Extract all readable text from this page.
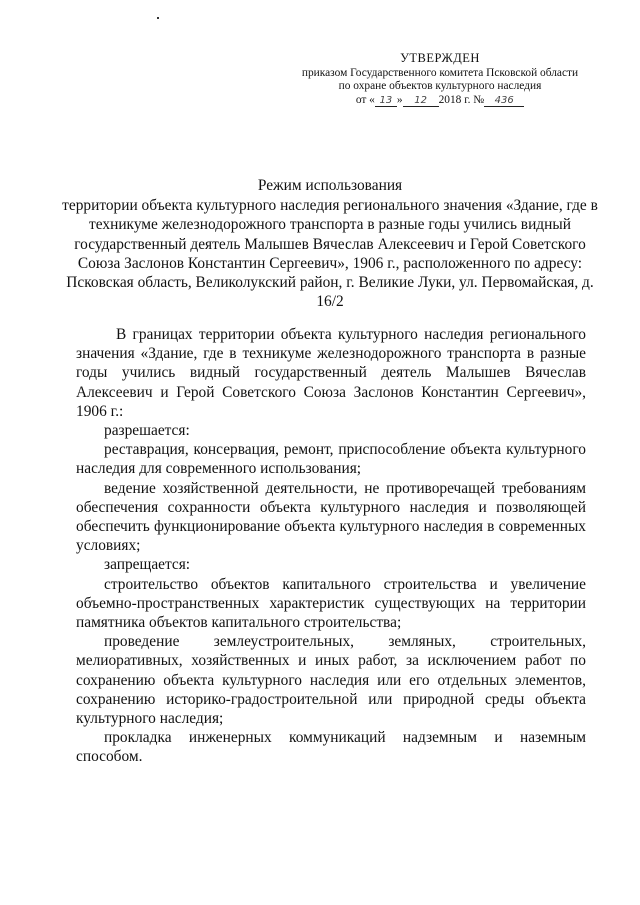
УТВЕРЖДЕН
приказом Государственного комитета Псковской области
по охране объектов культурного наследия
от « 13 »	12	2018 г. №	436
Режим использования
территории объекта культурного наследия регионального значения «Здание, где в техникуме железнодорожного транспорта в разные годы учились видный государственный деятель Малышев Вячеслав Алексеевич и Герой Советского Союза Заслонов Константин Сергеевич», 1906 г., расположенного по адресу: Псковская область, Великолукский район, г. Великие Луки, ул. Первомайская, д. 16/2

В границах территории объекта культурного наследия регионального значения «Здание, где в техникуме железнодорожного транспорта в разные годы учились видный государственный деятель Малышев Вячеслав Алексеевич и Герой Советского Союза Заслонов Константин Сергеевич», 1906 г.:

разрешается:

реставрация, консервация, ремонт, приспособление объекта культурного наследия для современного использования;

ведение хозяйственной деятельности, не противоречащей требованиям обеспечения сохранности объекта культурного наследия и позволяющей обеспечить функционирование объекта культурного наследия в современных условиях;

запрещается:

строительство объектов капитального строительства и увеличение объемно-пространственных характеристик существующих на территории памятника объектов капитального строительства;

проведение землеустроительных, земляных, строительных, мелиоративных, хозяйственных и иных работ, за исключением работ по сохранению объекта культурного наследия или его отдельных элементов, сохранению историко-градостроительной или природной среды объекта культурного наследия;

прокладка инженерных коммуникаций надземным и наземным способом.
